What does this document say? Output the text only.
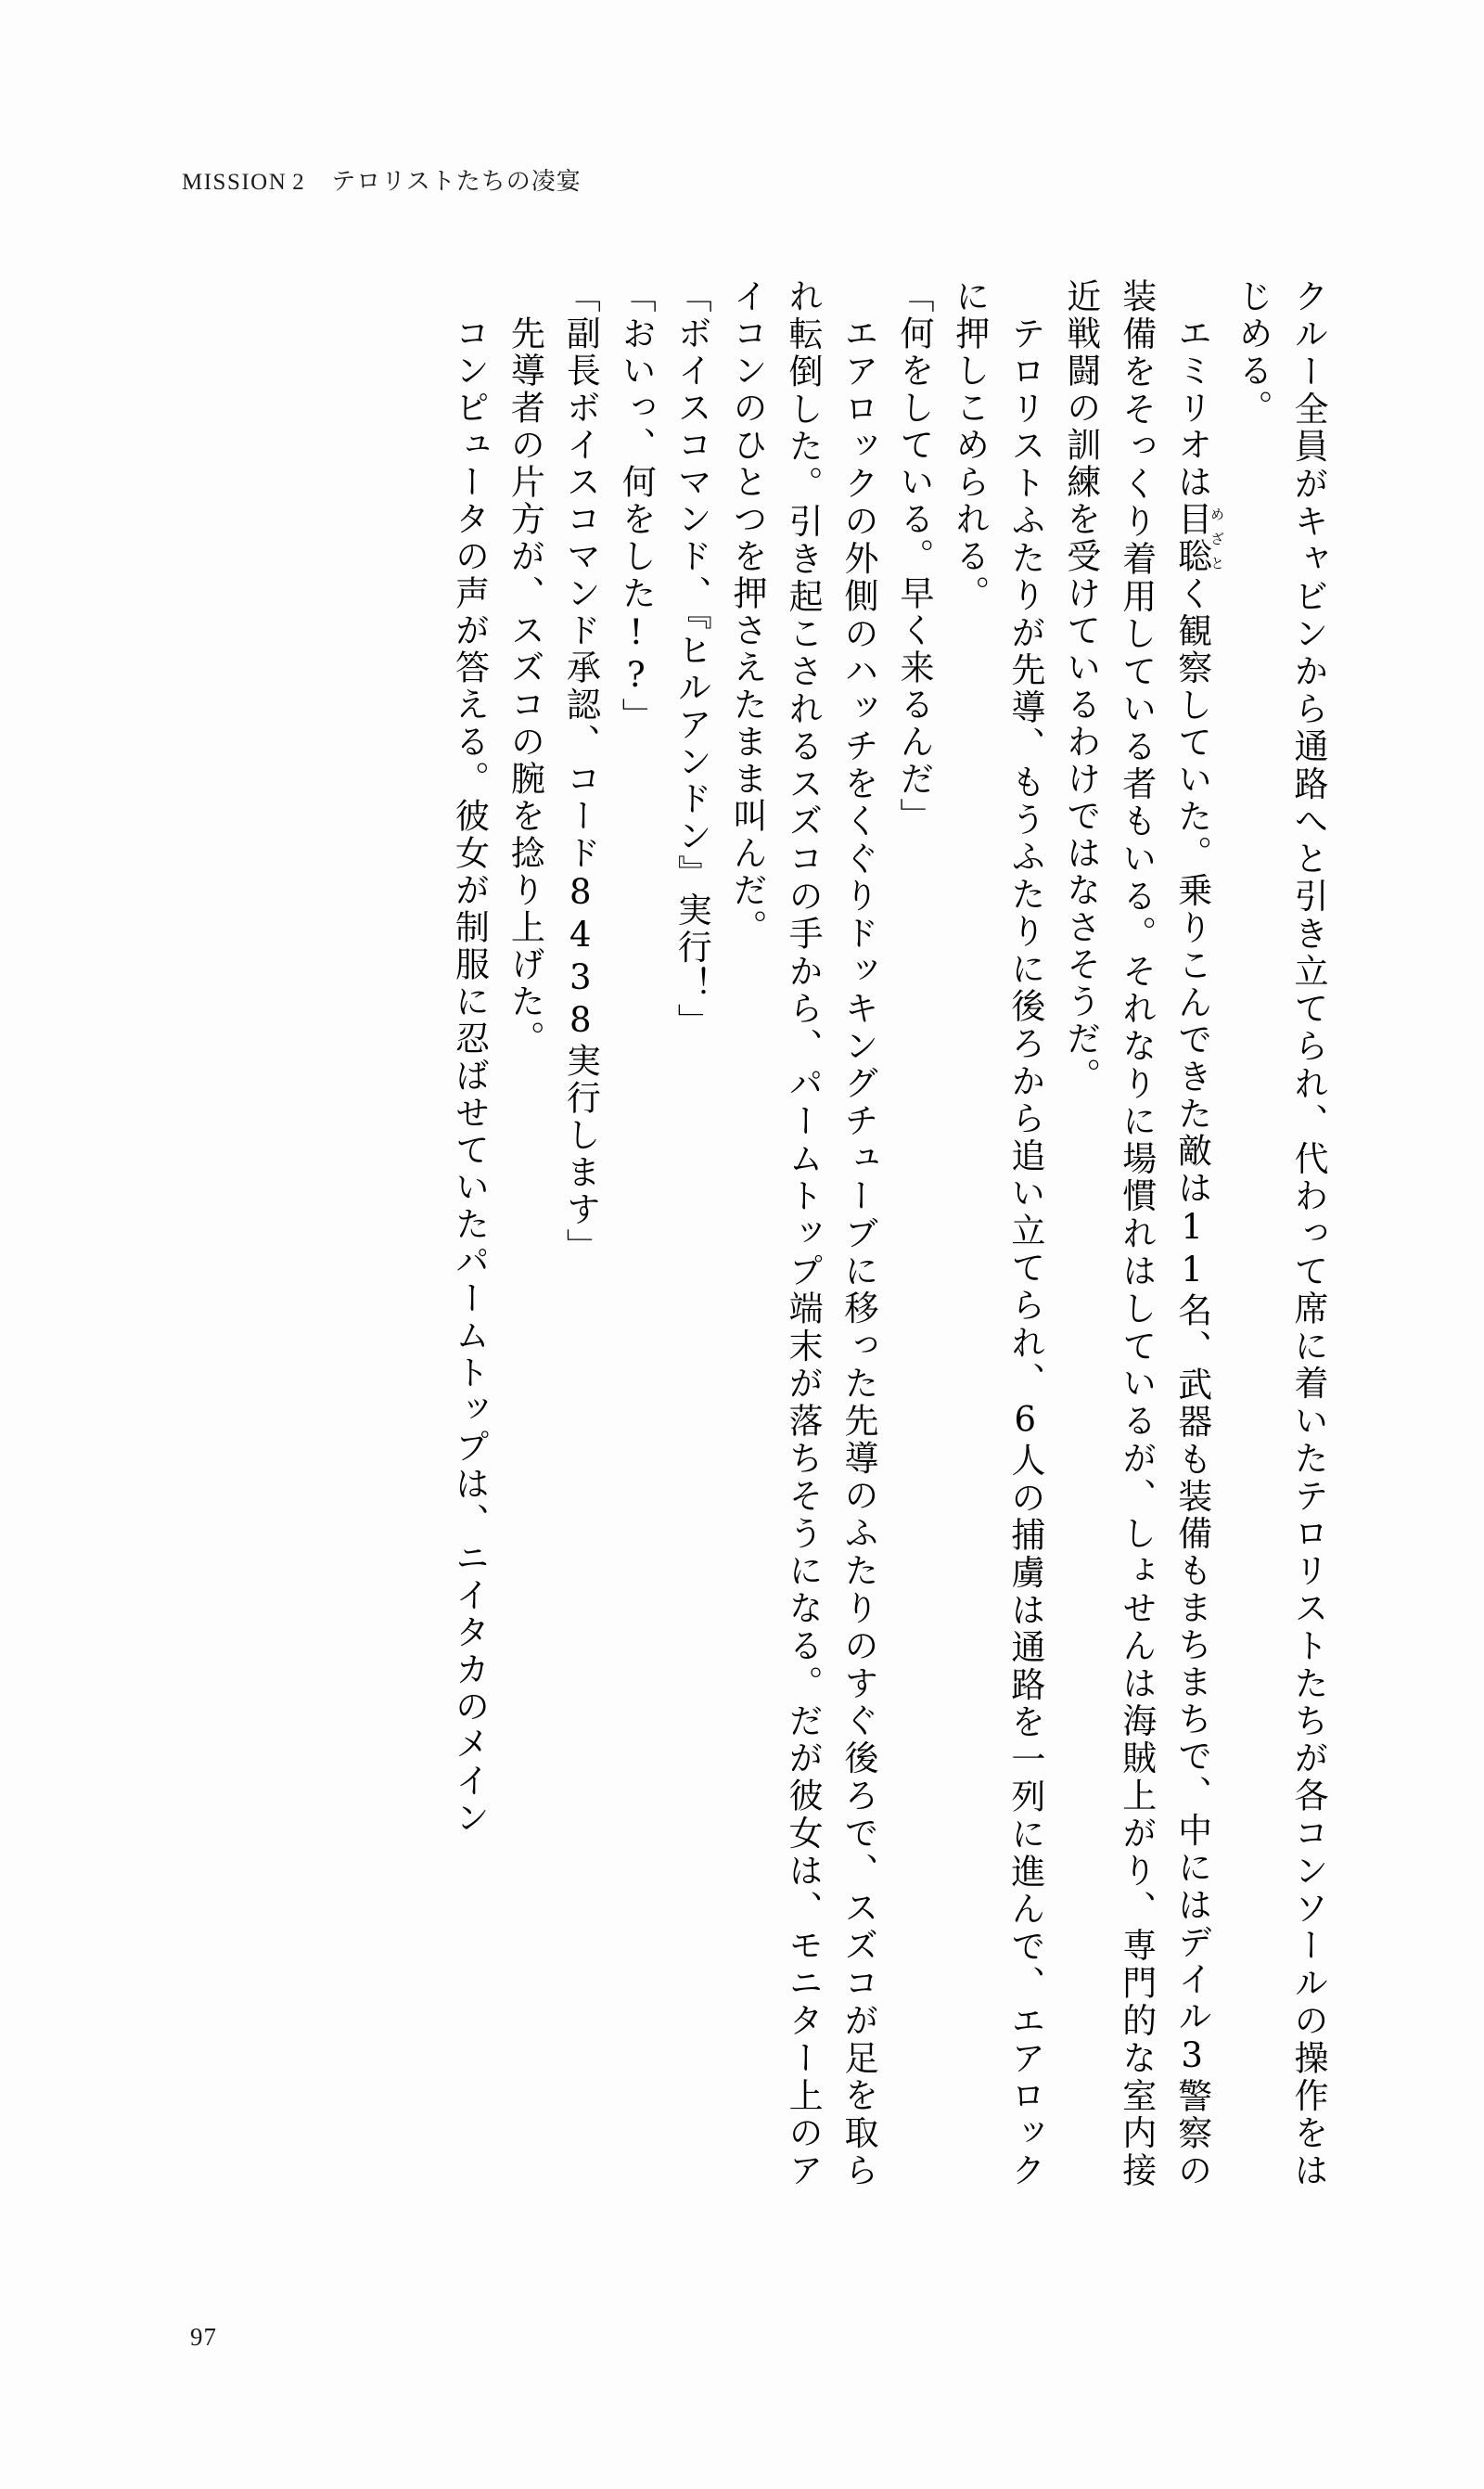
MISSION 2 テロリストたちの凌宴

クルー全員がキャビンから通路へと引き立てられ、代わって席に着いたテロリストたちが各コンソールの操作をはじめる。

エミリオは目聡めざとく観察していた。乗りこんできた敵は11名、武器も装備もまちまちで、中にはデイル3警察の装備をそっくり着用している者もいる。それなりに場慣れはしているが、しょせんは海賊上がり、専門的な室内接近戦闘の訓練を受けているわけではなさそうだ。

テロリストふたりが先導、もうふたりに後ろから追い立てられ、6人の捕虜は通路を一列に進んで、エアロックに押しこめられる。

「何をしている。早く来るんだ」

エアロックの外側のハッチをくぐりドッキングチューブに移った先導のふたりのすぐ後ろで、スズコが足を取られ転倒した。引き起こされるスズコの手から、パームトップ端末が落ちそうになる。だが彼女は、モニター上のアイコンのひとつを押さえたまま叫んだ。

「ボイスコマンド、『ヒルアンドン』実行！」

「おいっ、何をした!?」

「副長ボイスコマンド承認、コード8438実行します」

先導者の片方が、スズコの腕を捻り上げた。

コンピュータの声が答える。彼女が制服に忍ばせていたパームトップは、ニイタカのメイン

97
